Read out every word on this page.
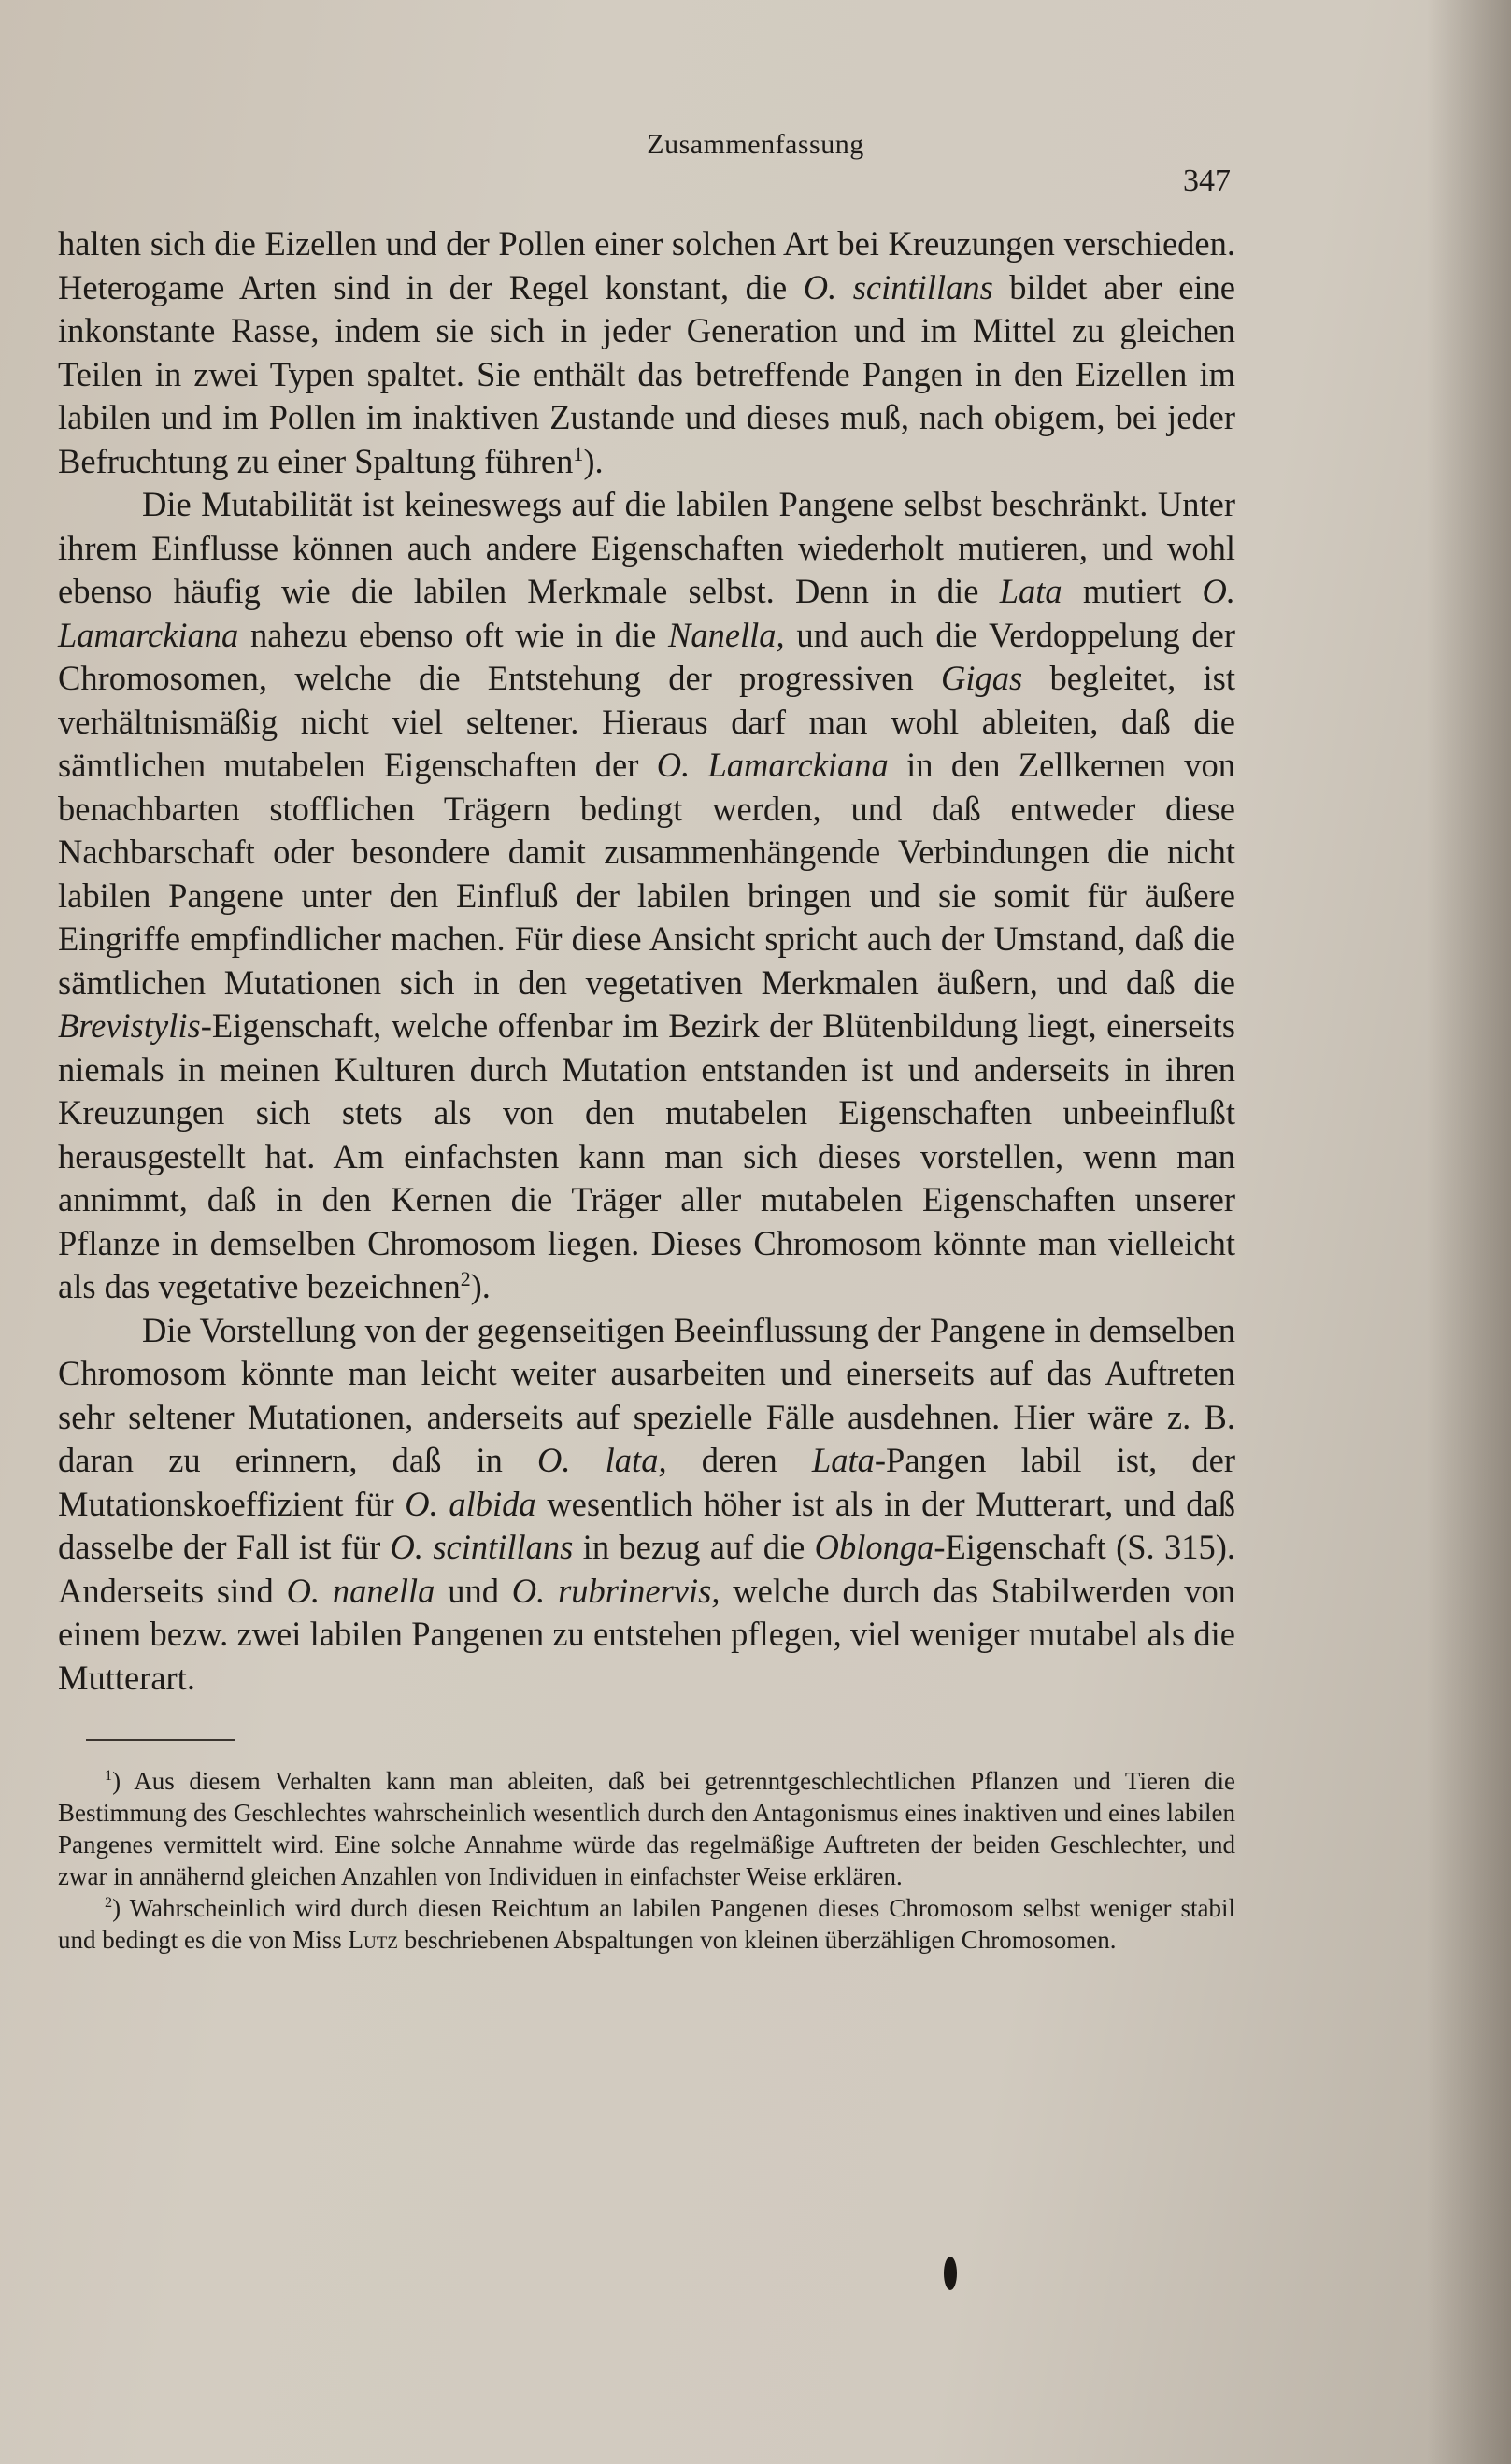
Zusammenfassung
347

halten sich die Eizellen und der Pollen einer solchen Art bei Kreuzungen verschieden. Heterogame Arten sind in der Regel konstant, die O. scintillans bildet aber eine inkonstante Rasse, indem sie sich in jeder Generation und im Mittel zu gleichen Teilen in zwei Typen spaltet. Sie enthält das betreffende Pangen in den Eizellen im labilen und im Pollen im inaktiven Zustande und dieses muß, nach obigem, bei jeder Befruchtung zu einer Spaltung führen$^1$).

Die Mutabilität ist keineswegs auf die labilen Pangene selbst beschränkt. Unter ihrem Einflusse können auch andere Eigenschaften wiederholt mutieren, und wohl ebenso häufig wie die labilen Merkmale selbst. Denn in die Lata mutiert O. Lamarckiana nahezu ebenso oft wie in die Nanella, und auch die Verdoppelung der Chromosomen, welche die Entstehung der progressiven Gigas begleitet, ist verhältnismäßig nicht viel seltener. Hieraus darf man wohl ableiten, daß die sämtlichen mutabelen Eigenschaften der O. Lamarckiana in den Zellkernen von benachbarten stofflichen Trägern bedingt werden, und daß entweder diese Nachbarschaft oder besondere damit zusammenhängende Verbindungen die nicht labilen Pangene unter den Einfluß der labilen bringen und sie somit für äußere Eingriffe empfindlicher machen. Für diese Ansicht spricht auch der Umstand, daß die sämtlichen Mutationen sich in den vegetativen Merkmalen äußern, und daß die Brevistylis-Eigenschaft, welche offenbar im Bezirk der Blütenbildung liegt, einerseits niemals in meinen Kulturen durch Mutation entstanden ist und anderseits in ihren Kreuzungen sich stets als von den mutabelen Eigenschaften unbeeinflußt herausgestellt hat. Am einfachsten kann man sich dieses vorstellen, wenn man annimmt, daß in den Kernen die Träger aller mutabelen Eigenschaften unserer Pflanze in demselben Chromosom liegen. Dieses Chromosom könnte man vielleicht als das vegetative bezeichnen$^2$).

Die Vorstellung von der gegenseitigen Beeinflussung der Pangene in demselben Chromosom könnte man leicht weiter ausarbeiten und einerseits auf das Auftreten sehr seltener Mutationen, anderseits auf spezielle Fälle ausdehnen. Hier wäre z. B. daran zu erinnern, daß in O. lata, deren Lata-Pangen labil ist, der Mutationskoeffizient für O. albida wesentlich höher ist als in der Mutterart, und daß dasselbe der Fall ist für O. scintillans in bezug auf die Oblonga-Eigenschaft (S. 315). Anderseits sind O. nanella und O. rubrinervis, welche durch das Stabilwerden von einem bezw. zwei labilen Pangenen zu entstehen pflegen, viel weniger mutabel als die Mutterart.

$^1$) Aus diesem Verhalten kann man ableiten, daß bei getrenntgeschlechtlichen Pflanzen und Tieren die Bestimmung des Geschlechtes wahrscheinlich wesentlich durch den Antagonismus eines inaktiven und eines labilen Pangenes vermittelt wird. Eine solche Annahme würde das regelmäßige Auftreten der beiden Geschlechter, und zwar in annähernd gleichen Anzahlen von Individuen in einfachster Weise erklären.

$^2$) Wahrscheinlich wird durch diesen Reichtum an labilen Pangenen dieses Chromosom selbst weniger stabil und bedingt es die von Miss Lutz beschriebenen Abspaltungen von kleinen überzähligen Chromosomen.
